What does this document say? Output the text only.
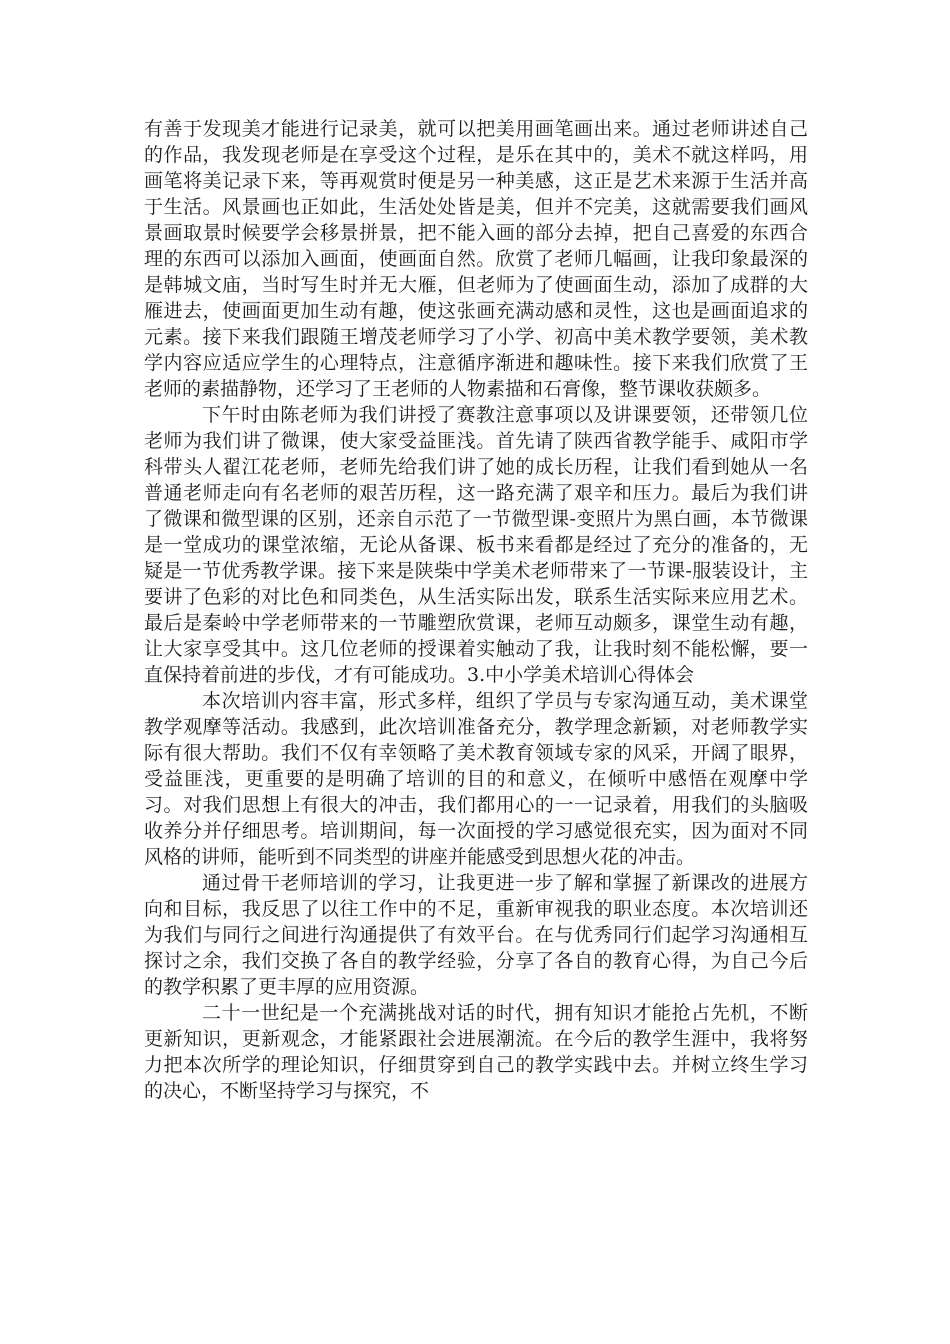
有善于发现美才能进行记录美，就可以把美用画笔画出来。通过老师讲述自己的作品，我发现老师是在享受这个过程，是乐在其中的，美术不就这样吗，用画笔将美记录下来，等再观赏时便是另一种美感，这正是艺术来源于生活并高于生活。风景画也正如此，生活处处皆是美，但并不完美，这就需要我们画风景画取景时候要学会移景拼景，把不能入画的部分去掉，把自己喜爱的东西合理的东西可以添加入画面，使画面自然。欣赏了老师几幅画，让我印象最深的是韩城文庙，当时写生时并无大雁，但老师为了使画面生动，添加了成群的大雁进去，使画面更加生动有趣，使这张画充满动感和灵性，这也是画面追求的元素。接下来我们跟随王增茂老师学习了小学、初高中美术教学要领，美术教学内容应适应学生的心理特点，注意循序渐进和趣味性。接下来我们欣赏了王老师的素描静物，还学习了王老师的人物素描和石膏像，整节课收获颇多。

下午时由陈老师为我们讲授了赛教注意事项以及讲课要领，还带领几位老师为我们讲了微课，使大家受益匪浅。首先请了陕西省教学能手、咸阳市学科带头人翟江花老师，老师先给我们讲了她的成长历程，让我们看到她从一名普通老师走向有名老师的艰苦历程，这一路充满了艰辛和压力。最后为我们讲了微课和微型课的区别，还亲自示范了一节微型课-变照片为黑白画，本节微课是一堂成功的课堂浓缩，无论从备课、板书来看都是经过了充分的准备的，无疑是一节优秀教学课。接下来是陕柴中学美术老师带来了一节课-服装设计，主要讲了色彩的对比色和同类色，从生活实际出发，联系生活实际来应用艺术。最后是秦岭中学老师带来的一节雕塑欣赏课，老师互动颇多，课堂生动有趣，让大家享受其中。这几位老师的授课着实触动了我，让我时刻不能松懈，要一直保持着前进的步伐，才有可能成功。3.中小学美术培训心得体会

本次培训内容丰富，形式多样，组织了学员与专家沟通互动，美术课堂教学观摩等活动。我感到，此次培训准备充分，教学理念新颖，对老师教学实际有很大帮助。我们不仅有幸领略了美术教育领域专家的风采，开阔了眼界，受益匪浅，更重要的是明确了培训的目的和意义，在倾听中感悟在观摩中学习。对我们思想上有很大的冲击，我们都用心的一一记录着，用我们的头脑吸收养分并仔细思考。培训期间，每一次面授的学习感觉很充实，因为面对不同风格的讲师，能听到不同类型的讲座并能感受到思想火花的冲击。

通过骨干老师培训的学习，让我更进一步了解和掌握了新课改的进展方向和目标，我反思了以往工作中的不足，重新审视我的职业态度。本次培训还为我们与同行之间进行沟通提供了有效平台。在与优秀同行们起学习沟通相互探讨之余，我们交换了各自的教学经验，分享了各自的教育心得，为自己今后的教学积累了更丰厚的应用资源。

二十一世纪是一个充满挑战对话的时代，拥有知识才能抢占先机，不断更新知识，更新观念，才能紧跟社会进展潮流。在今后的教学生涯中，我将努力把本次所学的理论知识，仔细贯穿到自己的教学实践中去。并树立终生学习的决心，不断坚持学习与探究，不
